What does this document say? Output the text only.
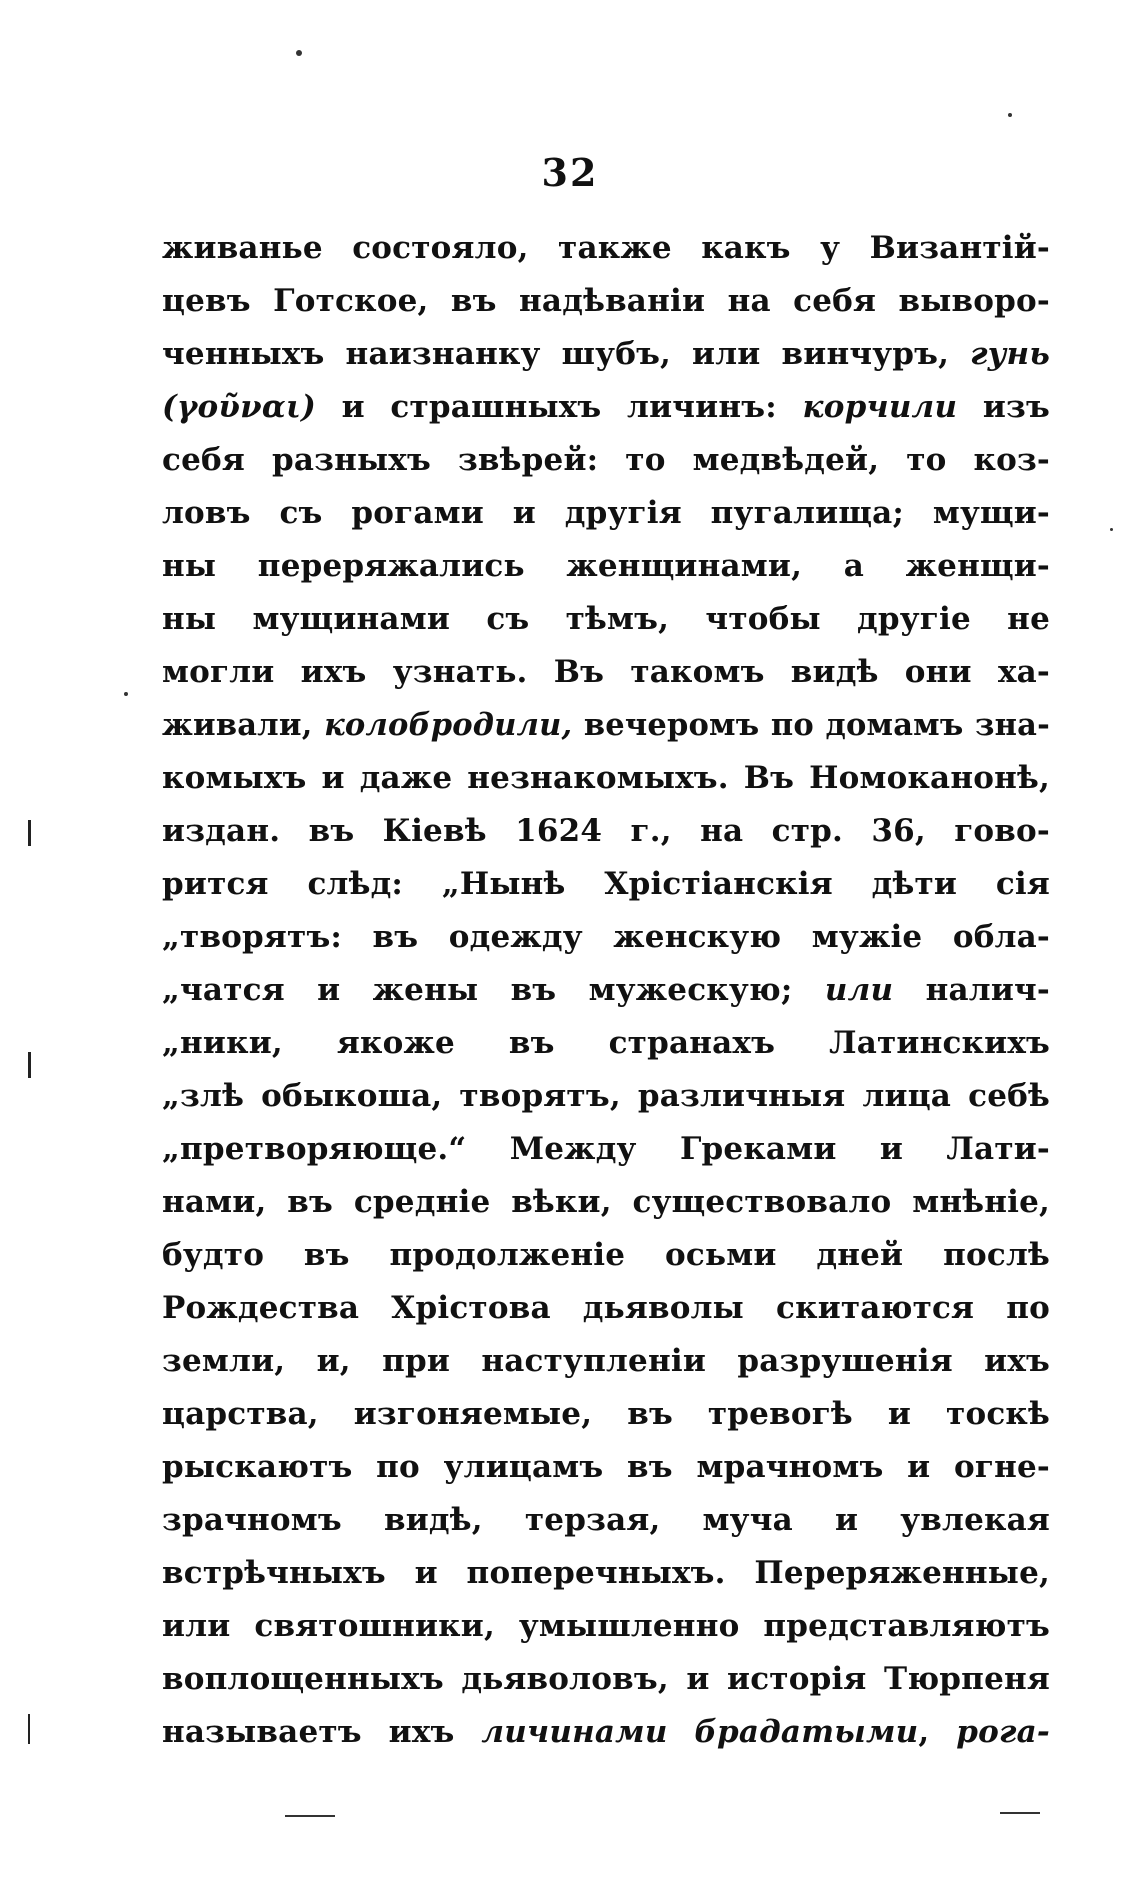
32
живанье состояло, также какъ у Византій-
цевъ Готское, въ надѣваніи на себя выворо-
ченныхъ наизнанку шубъ, или винчуръ, гунь
(γοῦναι) и страшныхъ личинъ: корчили изъ
себя разныхъ звѣрей: то медвѣдей, то коз-
ловъ съ рогами и другія пугалища; мущи-
ны переряжались женщинами, а женщи-
ны мущинами съ тѣмъ, чтобы другіе не
могли ихъ узнать. Въ такомъ видѣ они ха-
живали, колобродили, вечеромъ по домамъ зна-
комыхъ и даже незнакомыхъ. Въ Номоканонѣ,
издан. въ Кіевѣ 1624 г., на стр. 36, гово-
рится слѣд: „Нынѣ Хрістіанскія дѣти сія
„творятъ: въ одежду женскую мужіе обла-
„чатся и жены въ мужескую; или налич-
„ники, якоже въ странахъ Латинскихъ
„злѣ обыкоша, творятъ, различныя лица себѣ
„претворяюще.“ Между Греками и Лати-
нами, въ средніе вѣки, существовало мнѣніе,
будто въ продолженіе осьми дней послѣ
Рождества Хрістова дьяволы скитаются по
земли, и, при наступленіи разрушенія ихъ
царства, изгоняемые, въ тревогѣ и тоскѣ
рыскаютъ по улицамъ въ мрачномъ и огне-
зрачномъ видѣ, терзая, муча и увлекая
встрѣчныхъ и поперечныхъ. Переряженные,
или святошники, умышленно представляютъ
воплощенныхъ дьяволовъ, и исторія Тюрпеня
называетъ ихъ личинами брадатыми, рога-
